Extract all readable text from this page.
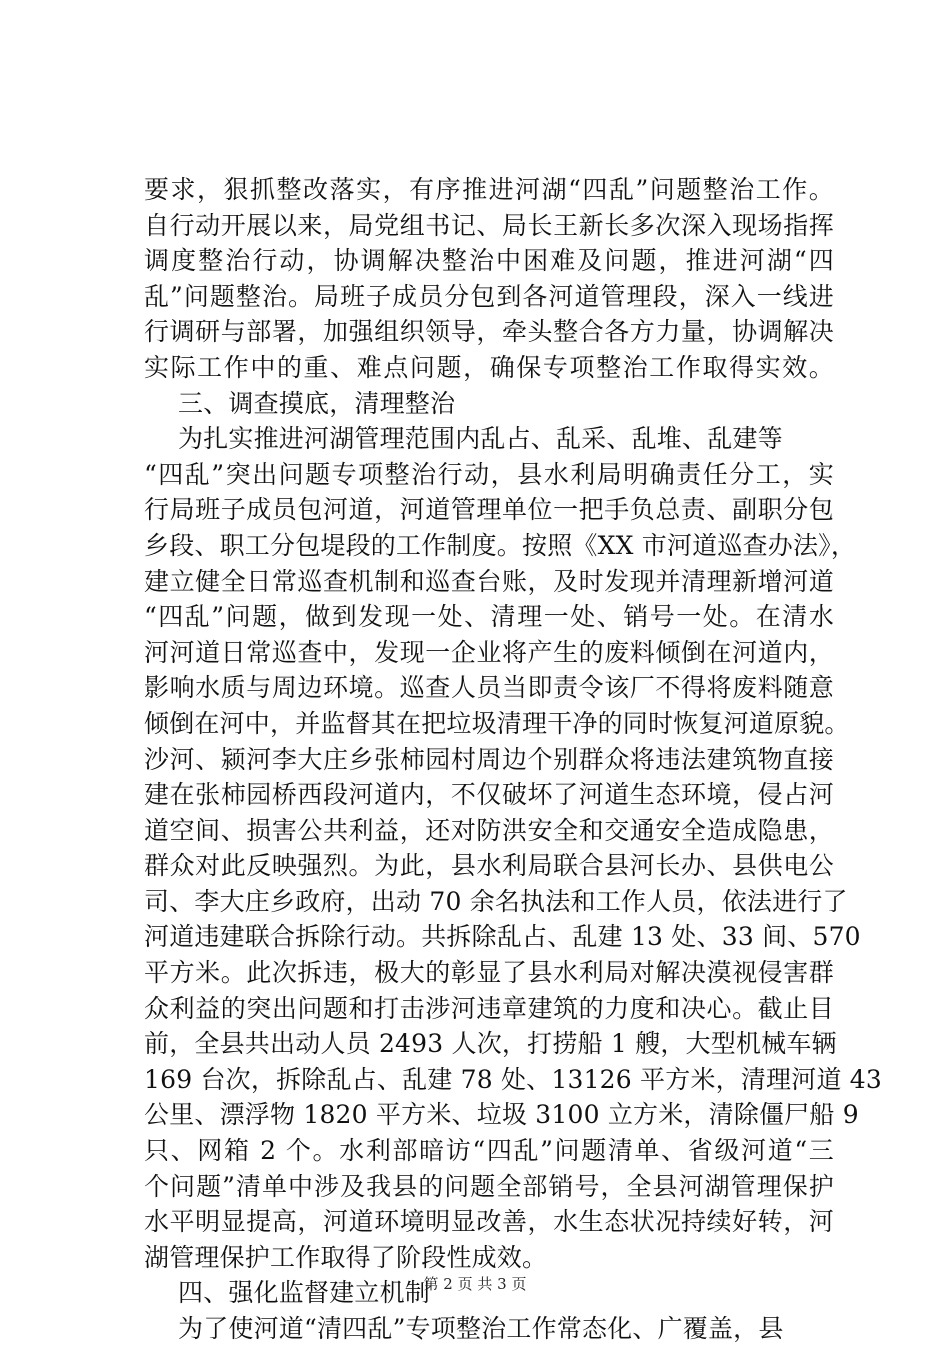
要求，狠抓整改落实，有序推进河湖“四乱”问题整治工作。
自行动开展以来，局党组书记、局长王新长多次深入现场指挥
调度整治行动，协调解决整治中困难及问题，推进河湖“四
乱”问题整治。局班子成员分包到各河道管理段，深入一线进
行调研与部署，加强组织领导，牵头整合各方力量，协调解决
实际工作中的重、难点问题，确保专项整治工作取得实效。
三、调查摸底，清理整治
为扎实推进河湖管理范围内乱占、乱采、乱堆、乱建等
“四乱”突出问题专项整治行动，县水利局明确责任分工，实
行局班子成员包河道，河道管理单位一把手负总责、副职分包
乡段、职工分包堤段的工作制度。按照《XX 市河道巡查办法》，
建立健全日常巡查机制和巡查台账，及时发现并清理新增河道
“四乱”问题，做到发现一处、清理一处、销号一处。在清水
河河道日常巡查中，发现一企业将产生的废料倾倒在河道内，
影响水质与周边环境。巡查人员当即责令该厂不得将废料随意
倾倒在河中，并监督其在把垃圾清理干净的同时恢复河道原貌。
沙河、颍河李大庄乡张柿园村周边个别群众将违法建筑物直接
建在张柿园桥西段河道内，不仅破坏了河道生态环境，侵占河
道空间、损害公共利益，还对防洪安全和交通安全造成隐患，
群众对此反映强烈。为此，县水利局联合县河长办、县供电公
司、李大庄乡政府，出动 70 余名执法和工作人员，依法进行了
河道违建联合拆除行动。共拆除乱占、乱建 13 处、33 间、570
平方米。此次拆违，极大的彰显了县水利局对解决漠视侵害群
众利益的突出问题和打击涉河违章建筑的力度和决心。截止目
前，全县共出动人员 2493 人次，打捞船 1 艘，大型机械车辆
169 台次，拆除乱占、乱建 78 处、13126 平方米，清理河道 43
公里、漂浮物 1820 平方米、垃圾 3100 立方米，清除僵尸船 9
只、网箱 2 个。水利部暗访“四乱”问题清单、省级河道“三
个问题”清单中涉及我县的问题全部销号，全县河湖管理保护
水平明显提高，河道环境明显改善，水生态状况持续好转，河
湖管理保护工作取得了阶段性成效。
四、强化监督建立机制
为了使河道“清四乱”专项整治工作常态化、广覆盖，县
第 2 页 共 3 页
